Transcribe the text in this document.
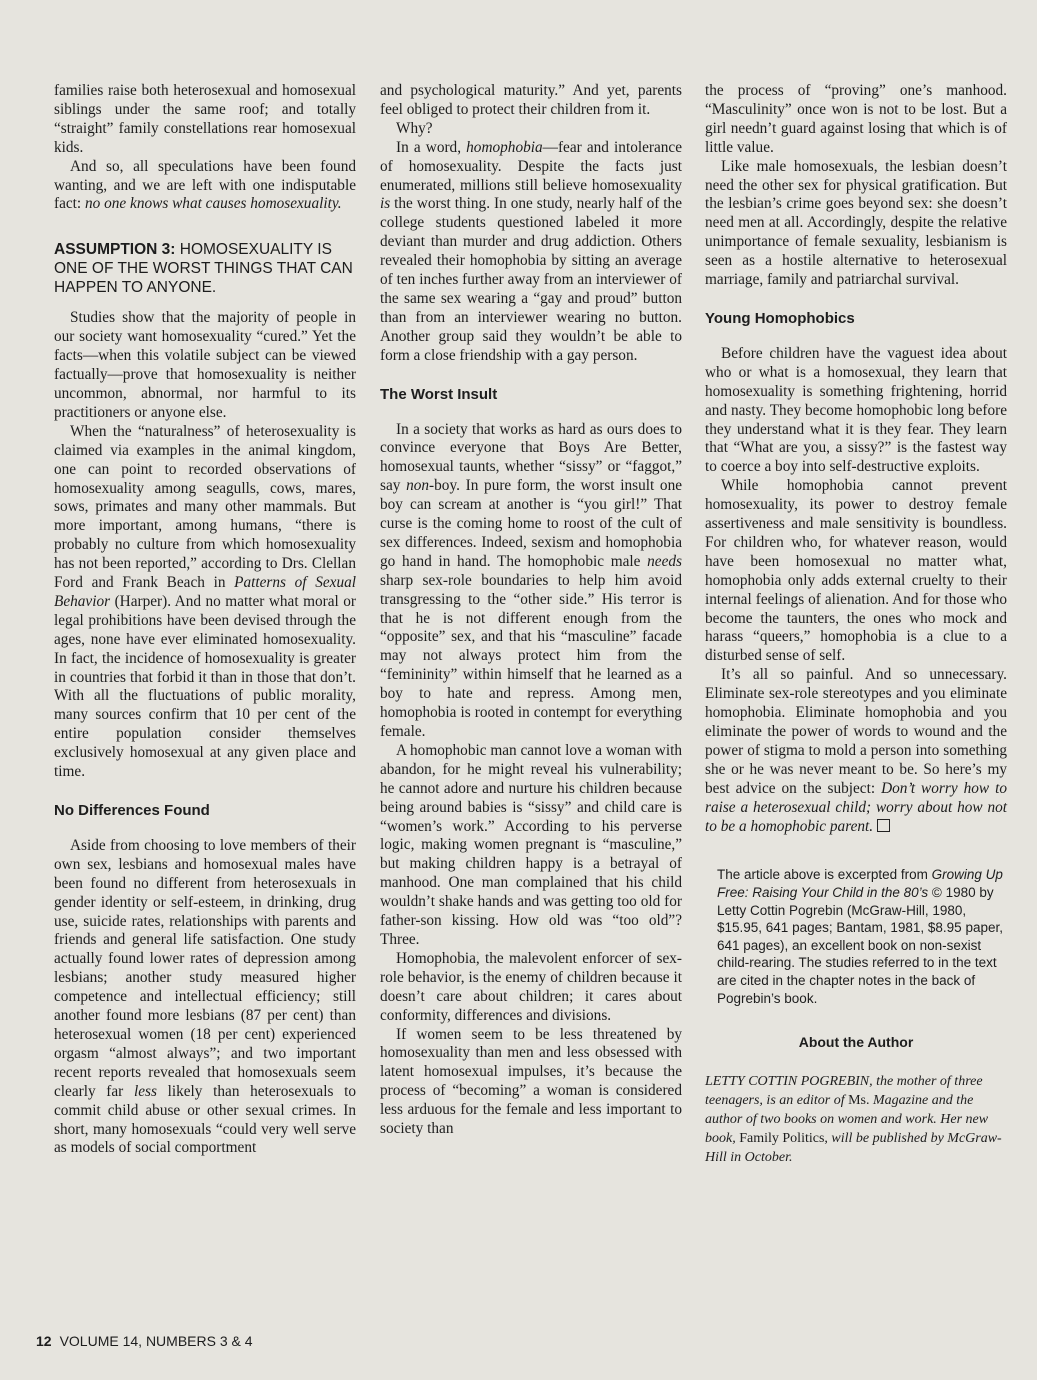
families raise both heterosexual and homosexual siblings under the same roof; and totally “straight” family constellations rear homosexual kids.

And so, all speculations have been found wanting, and we are left with one indisputable fact: no one knows what causes homosexuality.

ASSUMPTION 3: HOMOSEXUALITY IS ONE OF THE WORST THINGS THAT CAN HAPPEN TO ANYONE.

Studies show that the majority of people in our society want homosexuality “cured.” Yet the facts—when this volatile subject can be viewed factually—prove that homosexuality is neither uncommon, abnormal, nor harmful to its practitioners or anyone else.

When the “naturalness” of heterosexuality is claimed via examples in the animal kingdom, one can point to recorded observations of homosexuality among seagulls, cows, mares, sows, primates and many other mammals. But more important, among humans, “there is probably no culture from which homosexuality has not been reported,” according to Drs. Clellan Ford and Frank Beach in Patterns of Sexual Behavior (Harper). And no matter what moral or legal prohibitions have been devised through the ages, none have ever eliminated homosexuality. In fact, the incidence of homosexuality is greater in countries that forbid it than in those that don’t. With all the fluctuations of public morality, many sources confirm that 10 per cent of the entire population consider themselves exclusively homosexual at any given place and time.

No Differences Found

Aside from choosing to love members of their own sex, lesbians and homosexual males have been found no different from heterosexuals in gender identity or self-esteem, in drinking, drug use, suicide rates, relationships with parents and friends and general life satisfaction. One study actually found lower rates of depression among lesbians; another study measured higher competence and intellectual efficiency; still another found more lesbians (87 per cent) than heterosexual women (18 per cent) experienced orgasm “almost always”; and two important recent reports revealed that homosexuals seem clearly far less likely than heterosexuals to commit child abuse or other sexual crimes. In short, many homosexuals “could very well serve as models of social comportment

and psychological maturity.” And yet, parents feel obliged to protect their children from it.

Why?

In a word, homophobia—fear and intolerance of homosexuality. Despite the facts just enumerated, millions still believe homosexuality is the worst thing. In one study, nearly half of the college students questioned labeled it more deviant than murder and drug addiction. Others revealed their homophobia by sitting an average of ten inches further away from an interviewer of the same sex wearing a “gay and proud” button than from an interviewer wearing no button. Another group said they wouldn’t be able to form a close friendship with a gay person.

The Worst Insult

In a society that works as hard as ours does to convince everyone that Boys Are Better, homosexual taunts, whether “sissy” or “faggot,” say non-boy. In pure form, the worst insult one boy can scream at another is “you girl!” That curse is the coming home to roost of the cult of sex differences. Indeed, sexism and homophobia go hand in hand. The homophobic male needs sharp sex-role boundaries to help him avoid transgressing to the “other side.” His terror is that he is not different enough from the “opposite” sex, and that his “masculine” facade may not always protect him from the “femininity” within himself that he learned as a boy to hate and repress. Among men, homophobia is rooted in contempt for everything female.

A homophobic man cannot love a woman with abandon, for he might reveal his vulnerability; he cannot adore and nurture his children because being around babies is “sissy” and child care is “women’s work.” According to his perverse logic, making women pregnant is “masculine,” but making children happy is a betrayal of manhood. One man complained that his child wouldn’t shake hands and was getting too old for father-son kissing. How old was “too old”? Three.

Homophobia, the malevolent enforcer of sex-role behavior, is the enemy of children because it doesn’t care about children; it cares about conformity, differences and divisions.

If women seem to be less threatened by homosexuality than men and less obsessed with latent homosexual impulses, it’s because the process of “becoming” a woman is considered less arduous for the female and less important to society than

the process of “proving” one’s manhood. “Masculinity” once won is not to be lost. But a girl needn’t guard against losing that which is of little value.

Like male homosexuals, the lesbian doesn’t need the other sex for physical gratification. But the lesbian’s crime goes beyond sex: she doesn’t need men at all. Accordingly, despite the relative unimportance of female sexuality, lesbianism is seen as a hostile alternative to heterosexual marriage, family and patriarchal survival.

Young Homophobics

Before children have the vaguest idea about who or what is a homosexual, they learn that homosexuality is something frightening, horrid and nasty. They become homophobic long before they understand what it is they fear. They learn that “What are you, a sissy?” is the fastest way to coerce a boy into self-destructive exploits.

While homophobia cannot prevent homosexuality, its power to destroy female assertiveness and male sensitivity is boundless. For children who, for whatever reason, would have been homosexual no matter what, homophobia only adds external cruelty to their internal feelings of alienation. And for those who become the taunters, the ones who mock and harass “queers,” homophobia is a clue to a disturbed sense of self.

It’s all so painful. And so unnecessary. Eliminate sex-role stereotypes and you eliminate homophobia. Eliminate homophobia and you eliminate the power of words to wound and the power of stigma to mold a person into something she or he was never meant to be. So here’s my best advice on the subject: Don’t worry how to raise a heterosexual child; worry about how not to be a homophobic parent.

The article above is excerpted from Growing Up Free: Raising Your Child in the 80’s © 1980 by Letty Cottin Pogrebin (McGraw-Hill, 1980, $15.95, 641 pages; Bantam, 1981, $8.95 paper, 641 pages), an excellent book on non-sexist child-rearing. The studies referred to in the text are cited in the chapter notes in the back of Pogrebin’s book.
About the Author
LETTY COTTIN POGREBIN, the mother of three teenagers, is an editor of Ms. Magazine and the author of two books on women and work. Her new book, Family Politics, will be published by McGraw-Hill in October.
12 VOLUME 14, NUMBERS 3 & 4
